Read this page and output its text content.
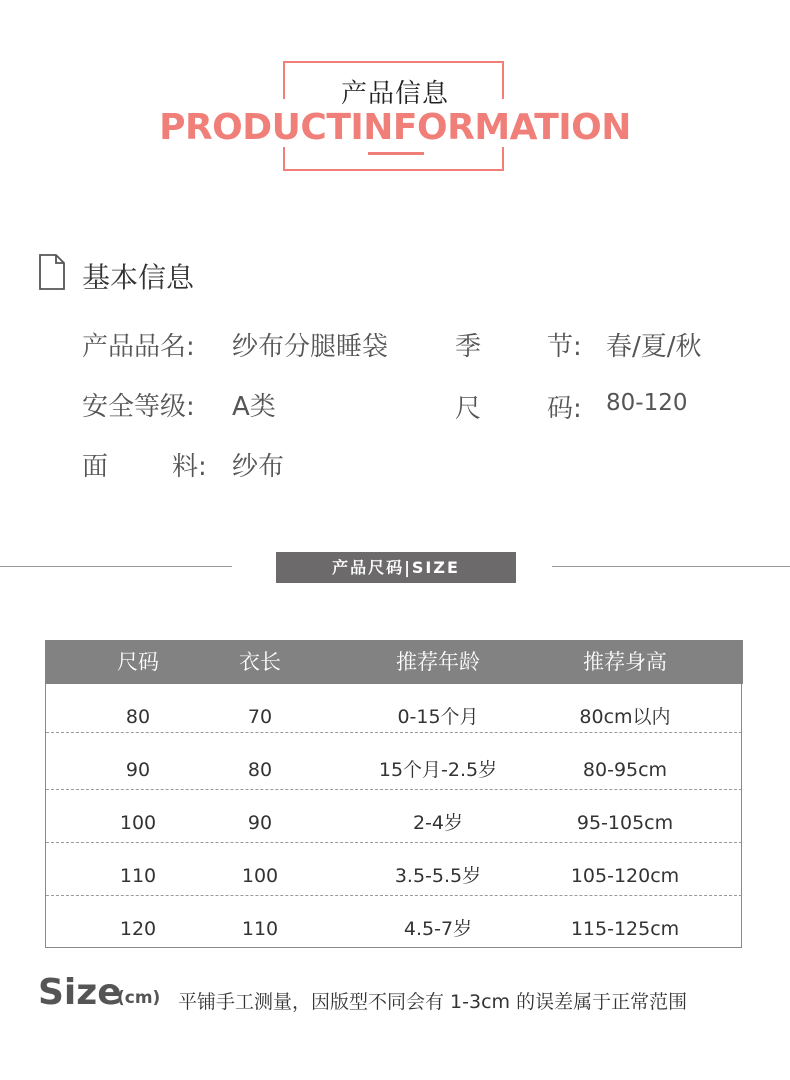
产品信息
PRODUCTINFORMATION
基本信息
产品品名: 纱布分腿睡袋	季	节: 春/夏/秋
安全等级: A类	尺	码: 80-120
面 料: 纱布
产品尺码|SIZE
尺码	衣长	推荐年龄	推荐身高
80	70	0-15个月	80cm以内
90	80	15个月-2.5岁	80-95cm
100	90	2-4岁	95-105cm
110	100	3.5-5.5岁	105-120cm
120	110	4.5-7岁	115-125cm
Size
(cm) 平铺手工测量，因版型不同会有 1-3cm 的误差属于正常范围
